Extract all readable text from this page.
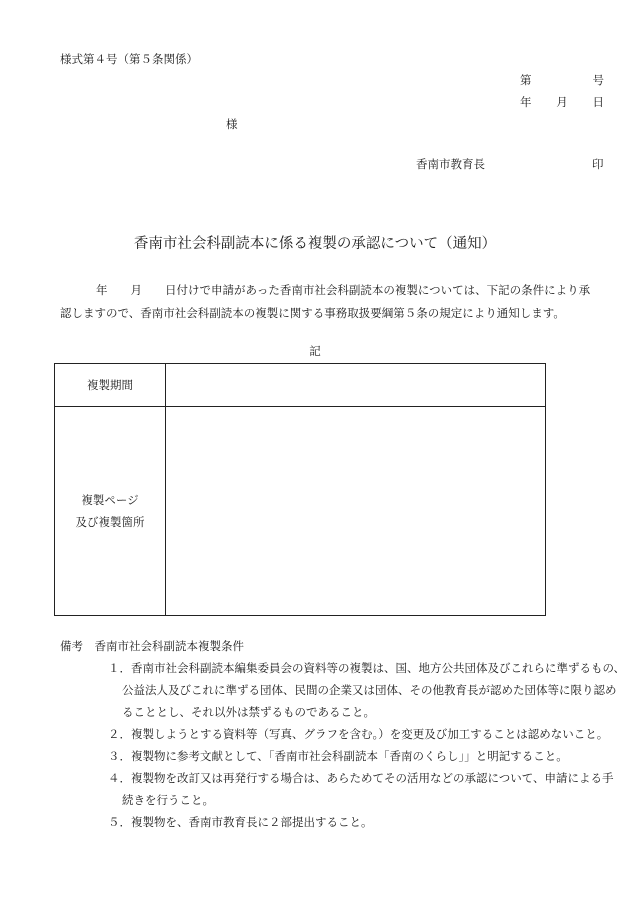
様式第４号（第５条関係）
第	号
年 月 日
様
香南市教育長	印
香南市社会科副読本に係る複製の承認について（通知）
年　　月　　日付けで申請があった香南市社会科副読本の複製については、下記の条件により承
認しますので、香南市社会科副読本の複製に関する事務取扱要綱第５条の規定により通知します。
記
複製期間	

複製ページ
及び複製箇所	

備考　香南市社会科副読本複製条件
１．香南市社会科副読本編集委員会の資料等の複製は、国、地方公共団体及びこれらに準ずるもの、
公益法人及びこれに準ずる団体、民間の企業又は団体、その他教育長が認めた団体等に限り認め
ることとし、それ以外は禁ずるものであること。
２．複製しようとする資料等（写真、グラフを含む。）を変更及び加工することは認めないこと。
３．複製物に参考文献として、「香南市社会科副読本「香南のくらし」」と明記すること。
４．複製物を改訂又は再発行する場合は、あらためてその活用などの承認について、申請による手
続きを行うこと。
５．複製物を、香南市教育長に２部提出すること。
